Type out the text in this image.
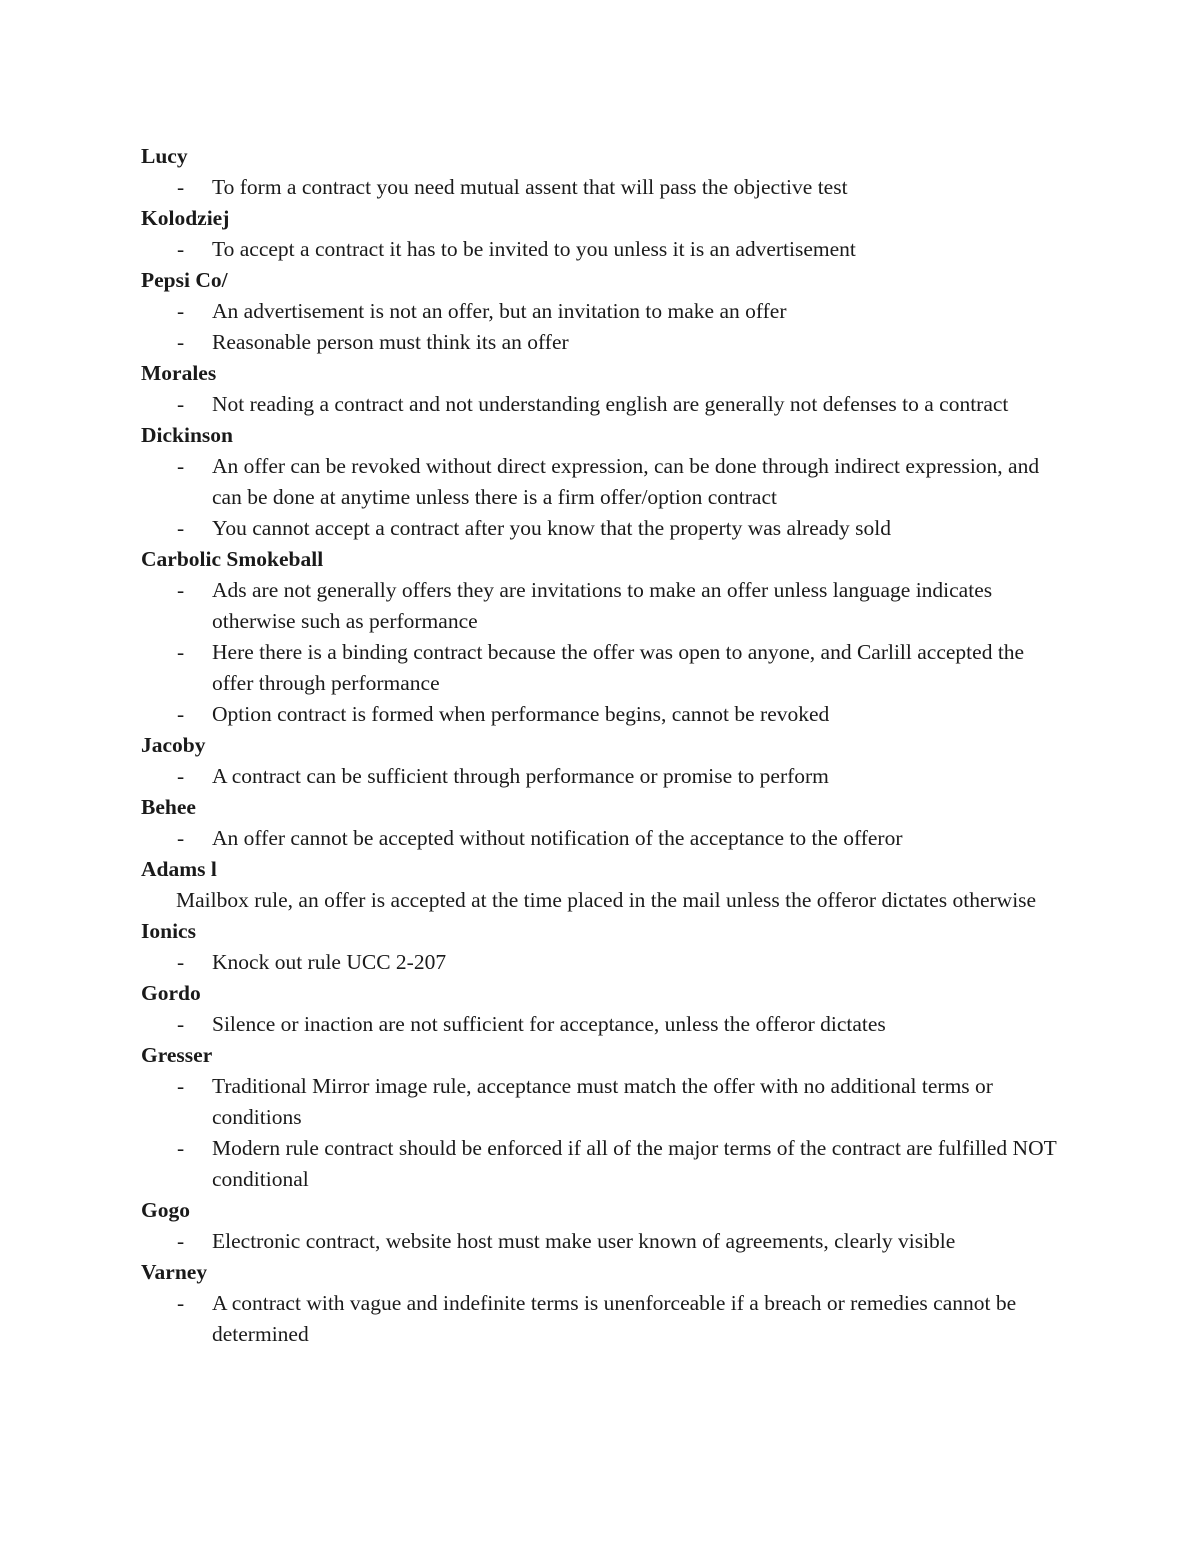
Lucy
- To form a contract you need mutual assent that will pass the objective test
Kolodziej
- To accept a contract it has to be invited to you unless it is an advertisement
Pepsi Co/
- An advertisement is not an offer, but an invitation to make an offer
- Reasonable person must think its an offer
Morales
- Not reading a contract and not understanding english are generally not defenses to a contract
Dickinson
- An offer can be revoked without direct expression, can be done through indirect expression, and can be done at anytime unless there is a firm offer/option contract
- You cannot accept a contract after you know that the property was already sold
Carbolic Smokeball
- Ads are not generally offers they are invitations to make an offer unless language indicates otherwise such as performance
- Here there is a binding contract because the offer was open to anyone, and Carlill accepted the offer through performance
- Option contract is formed when performance begins, cannot be revoked
Jacoby
- A contract can be sufficient through performance or promise to perform
Behee
- An offer cannot be accepted without notification of the acceptance to the offeror
Adams l
Mailbox rule, an offer is accepted at the time placed in the mail unless the offeror dictates otherwise
Ionics
- Knock out rule UCC 2-207
Gordo
- Silence or inaction are not sufficient for acceptance, unless the offeror dictates
Gresser
- Traditional Mirror image rule, acceptance must match the offer with no additional terms or conditions
- Modern rule contract should be enforced if all of the major terms of the contract are fulfilled NOT conditional
Gogo
- Electronic contract, website host must make user known of agreements, clearly visible
Varney
- A contract with vague and indefinite terms is unenforceable if a breach or remedies cannot be determined
